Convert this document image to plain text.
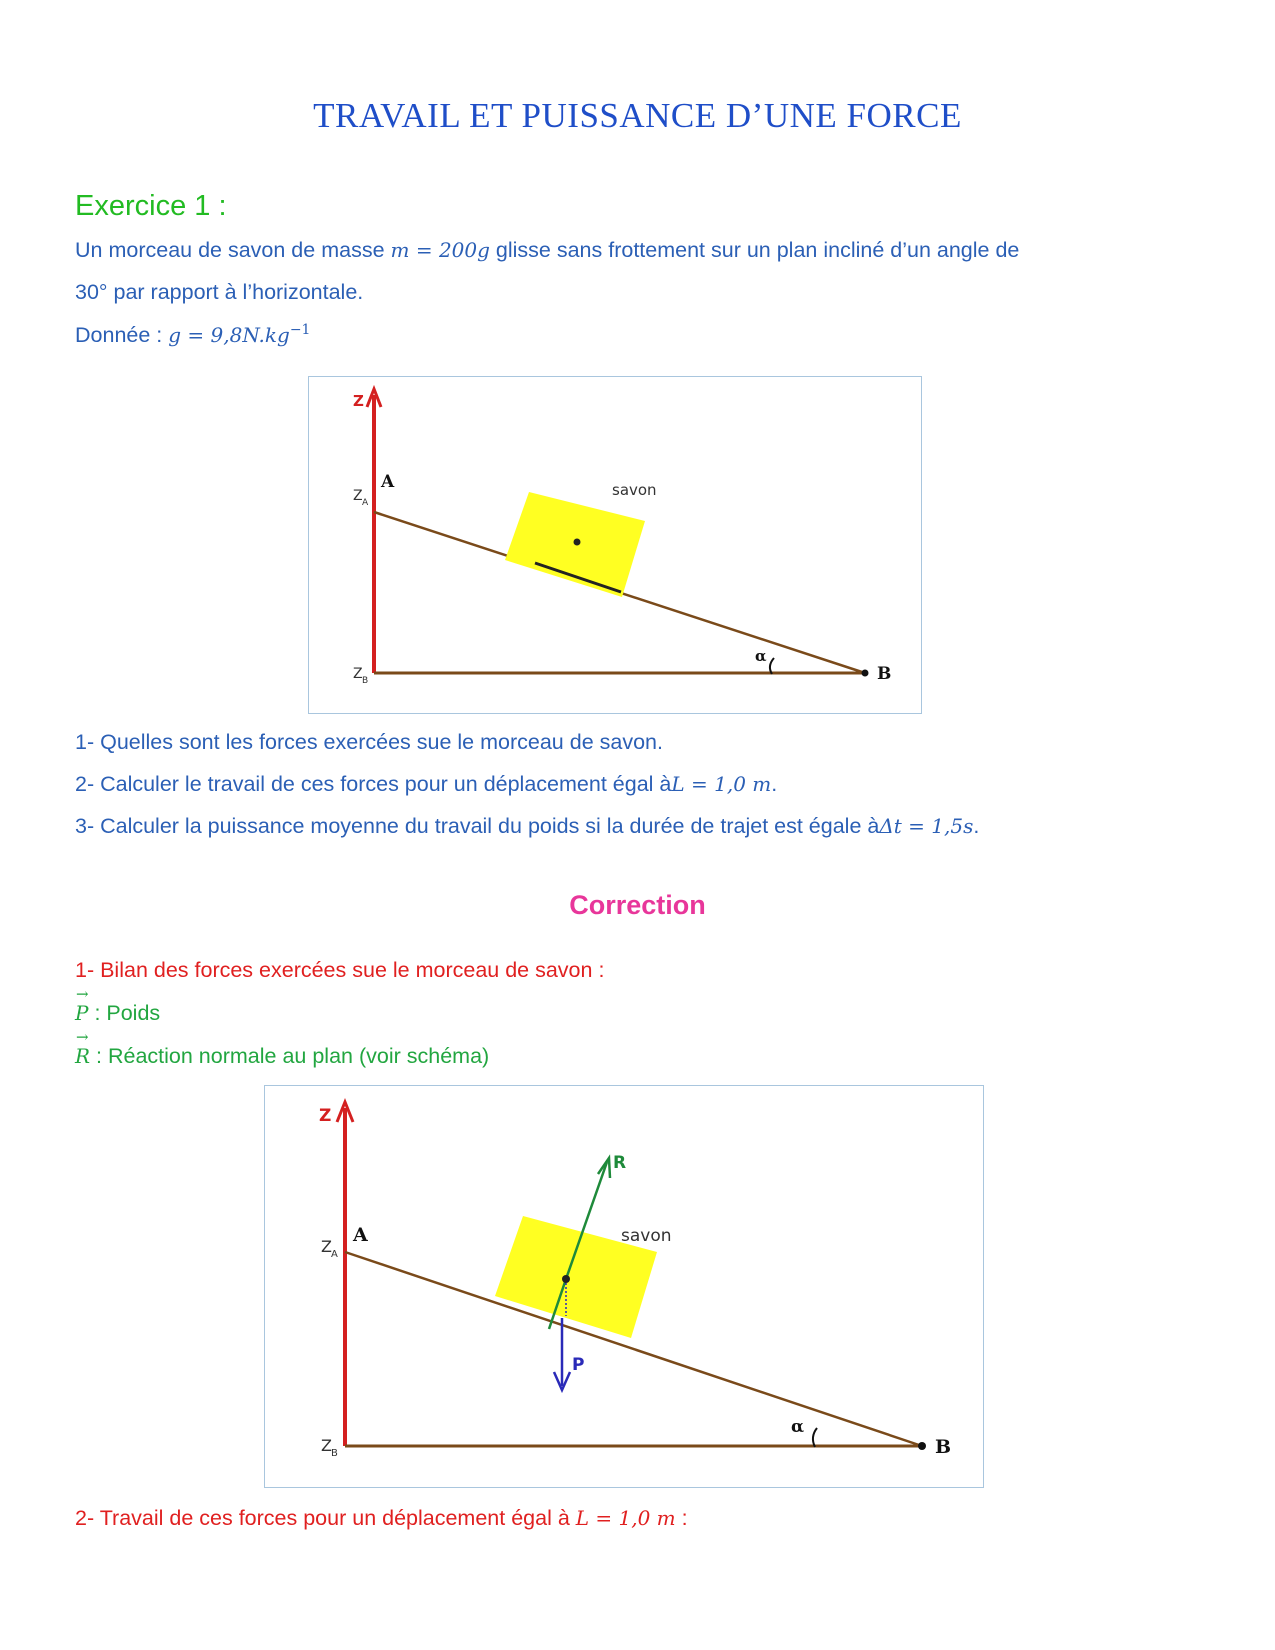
TRAVAIL ET PUISSANCE D’UNE FORCE
Exercice 1 :
Un morceau de savon de masse m = 200g glisse sans frottement sur un plan incliné d’un angle de
30° par rapport à l’horizontale.
Donnée : $g = 9,8N.kg^{-1}$
Z
α
A
B
Z A
Z B
savon
1- Quelles sont les forces exercées sue le morceau de savon.
2- Calculer le travail de ces forces pour un déplacement égal àL = 1,0 m.
3- Calculer la puissance moyenne du travail du poids si la durée de trajet est égale àΔt = 1,5s.
Correction
1- Bilan des forces exercées sue le morceau de savon :
→ P : Poids
→ R : Réaction normale au plan (voir schéma)
Z
α
A
B
Z A
Z B
savon
R
P
2- Travail de ces forces pour un déplacement égal à L = 1,0 m :
